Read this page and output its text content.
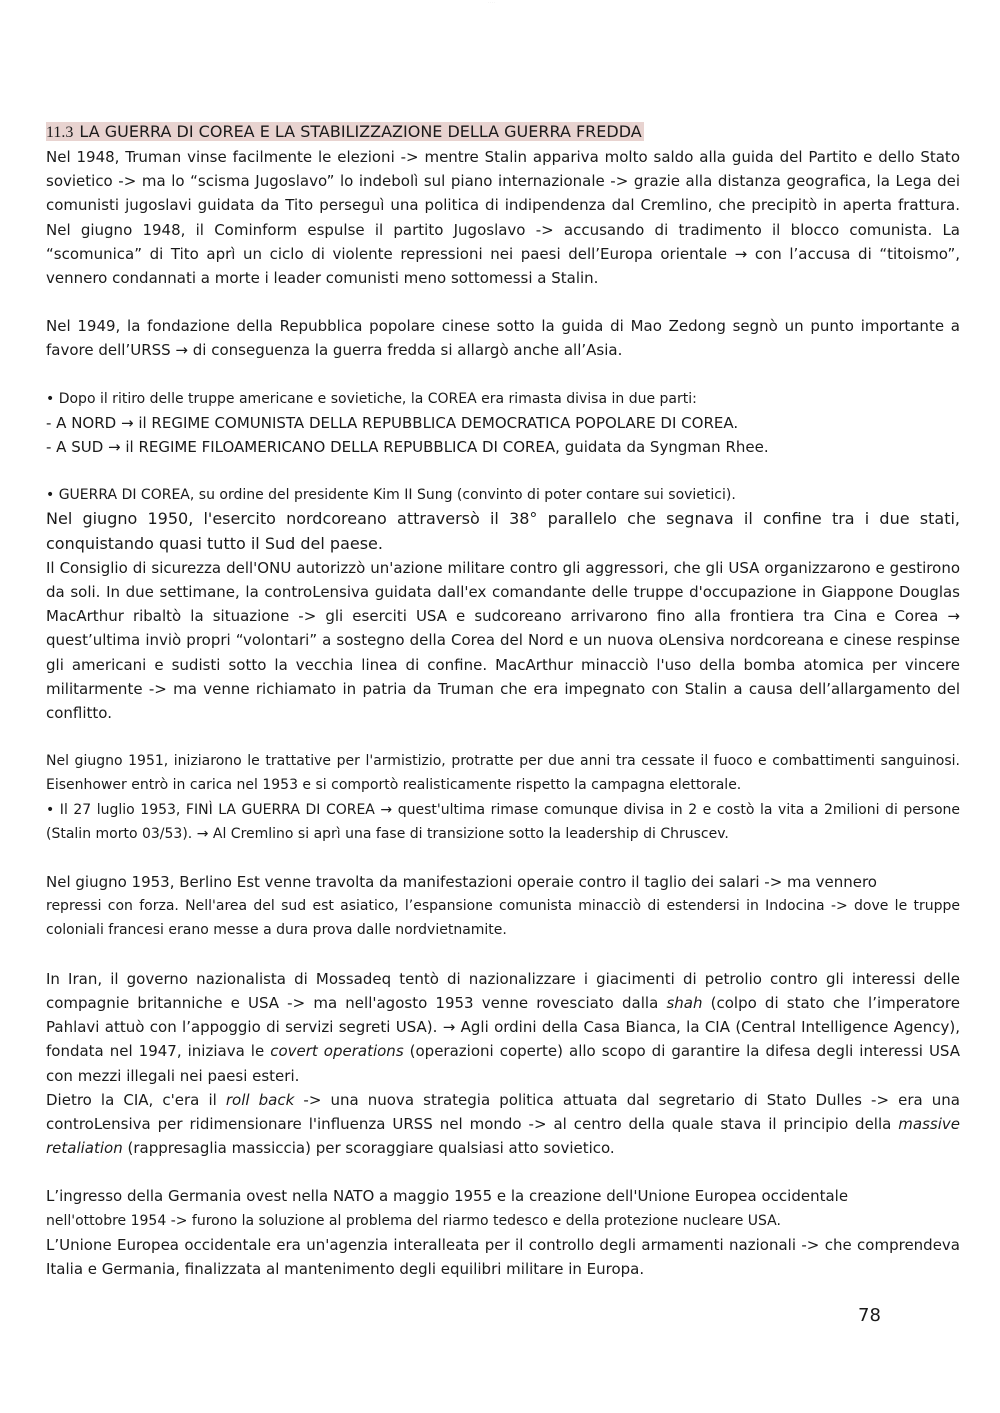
· · · ·
11.3 LA GUERRA DI COREA E LA STABILIZZAZIONE DELLA GUERRA FREDDA

Nel 1948, Truman vinse facilmente le elezioni -> mentre Stalin appariva molto saldo alla guida del Partito e dello Stato sovietico -> ma lo “scisma Jugoslavo” lo indebolì sul piano internazionale -> grazie alla distanza geografica, la Lega dei comunisti jugoslavi guidata da Tito perseguì una politica di indipendenza dal Cremlino, che precipitò in aperta frattura. Nel giugno 1948, il Cominform espulse il partito Jugoslavo -> accusando di tradimento il blocco comunista. La “scomunica” di Tito aprì un ciclo di violente repressioni nei paesi dell’Europa orientale → con l’accusa di “titoismo”, vennero condannati a morte i leader comunisti meno sottomessi a Stalin.

Nel 1949, la fondazione della Repubblica popolare cinese sotto la guida di Mao Zedong segnò un punto importante a favore dell’URSS → di conseguenza la guerra fredda si allargò anche all’Asia.

• Dopo il ritiro delle truppe americane e sovietiche, la COREA era rimasta divisa in due parti:
- A NORD → il REGIME COMUNISTA DELLA REPUBBLICA DEMOCRATICA POPOLARE DI COREA.
- A SUD → il REGIME FILOAMERICANO DELLA REPUBBLICA DI COREA, guidata da Syngman Rhee.
• GUERRA DI COREA, su ordine del presidente Kim II Sung (convinto di poter contare sui sovietici).

Nel giugno 1950, l'esercito nordcoreano attraversò il 38° parallelo che segnava il confine tra i due stati, conquistando quasi tutto il Sud del paese.

Il Consiglio di sicurezza dell'ONU autorizzò un'azione militare contro gli aggressori, che gli USA organizzarono e gestirono da soli. In due settimane, la controLensiva guidata dall'ex comandante delle truppe d'occupazione in Giappone Douglas MacArthur ribaltò la situazione -> gli eserciti USA e sudcoreano arrivarono fino alla frontiera tra Cina e Corea → quest’ultima inviò propri “volontari” a sostegno della Corea del Nord e un nuova oLensiva nordcoreana e cinese respinse gli americani e sudisti sotto la vecchia linea di confine. MacArthur minacciò l'uso della bomba atomica per vincere militarmente -> ma venne richiamato in patria da Truman che era impegnato con Stalin a causa dell’allargamento del conflitto.

Nel giugno 1951, iniziarono le trattative per l'armistizio, protratte per due anni tra cessate il fuoco e combattimenti sanguinosi. Eisenhower entrò in carica nel 1953 e si comportò realisticamente rispetto la campagna elettorale.

• Il 27 luglio 1953, FINÌ LA GUERRA DI COREA → quest'ultima rimase comunque divisa in 2 e costò la vita a 2milioni di persone (Stalin morto 03/53). → Al Cremlino si aprì una fase di transizione sotto la leadership di Chruscev.

Nel giugno 1953, Berlino Est venne travolta da manifestazioni operaie contro il taglio dei salari -> ma vennero

repressi con forza. Nell'area del sud est asiatico, l’espansione comunista minacciò di estendersi in Indocina -> dove le truppe coloniali francesi erano messe a dura prova dalle nordvietnamite.

In Iran, il governo nazionalista di Mossadeq tentò di nazionalizzare i giacimenti di petrolio contro gli interessi delle compagnie britanniche e USA -> ma nell'agosto 1953 venne rovesciato dalla shah (colpo di stato che l’imperatore Pahlavi attuò con l’appoggio di servizi segreti USA). → Agli ordini della Casa Bianca, la CIA (Central Intelligence Agency), fondata nel 1947, iniziava le covert operations (operazioni coperte) allo scopo di garantire la difesa degli interessi USA con mezzi illegali nei paesi esteri.

Dietro la CIA, c'era il roll back -> una nuova strategia politica attuata dal segretario di Stato Dulles -> era una controLensiva per ridimensionare l'influenza URSS nel mondo -> al centro della quale stava il principio della massive retaliation (rappresaglia massiccia) per scoraggiare qualsiasi atto sovietico.

L’ingresso della Germania ovest nella NATO a maggio 1955 e la creazione dell'Unione Europea occidentale

nell'ottobre 1954 -> furono la soluzione al problema del riarmo tedesco e della protezione nucleare USA.

L’Unione Europea occidentale era un'agenzia interalleata per il controllo degli armamenti nazionali -> che comprendeva Italia e Germania, finalizzata al mantenimento degli equilibri militare in Europa.

78
